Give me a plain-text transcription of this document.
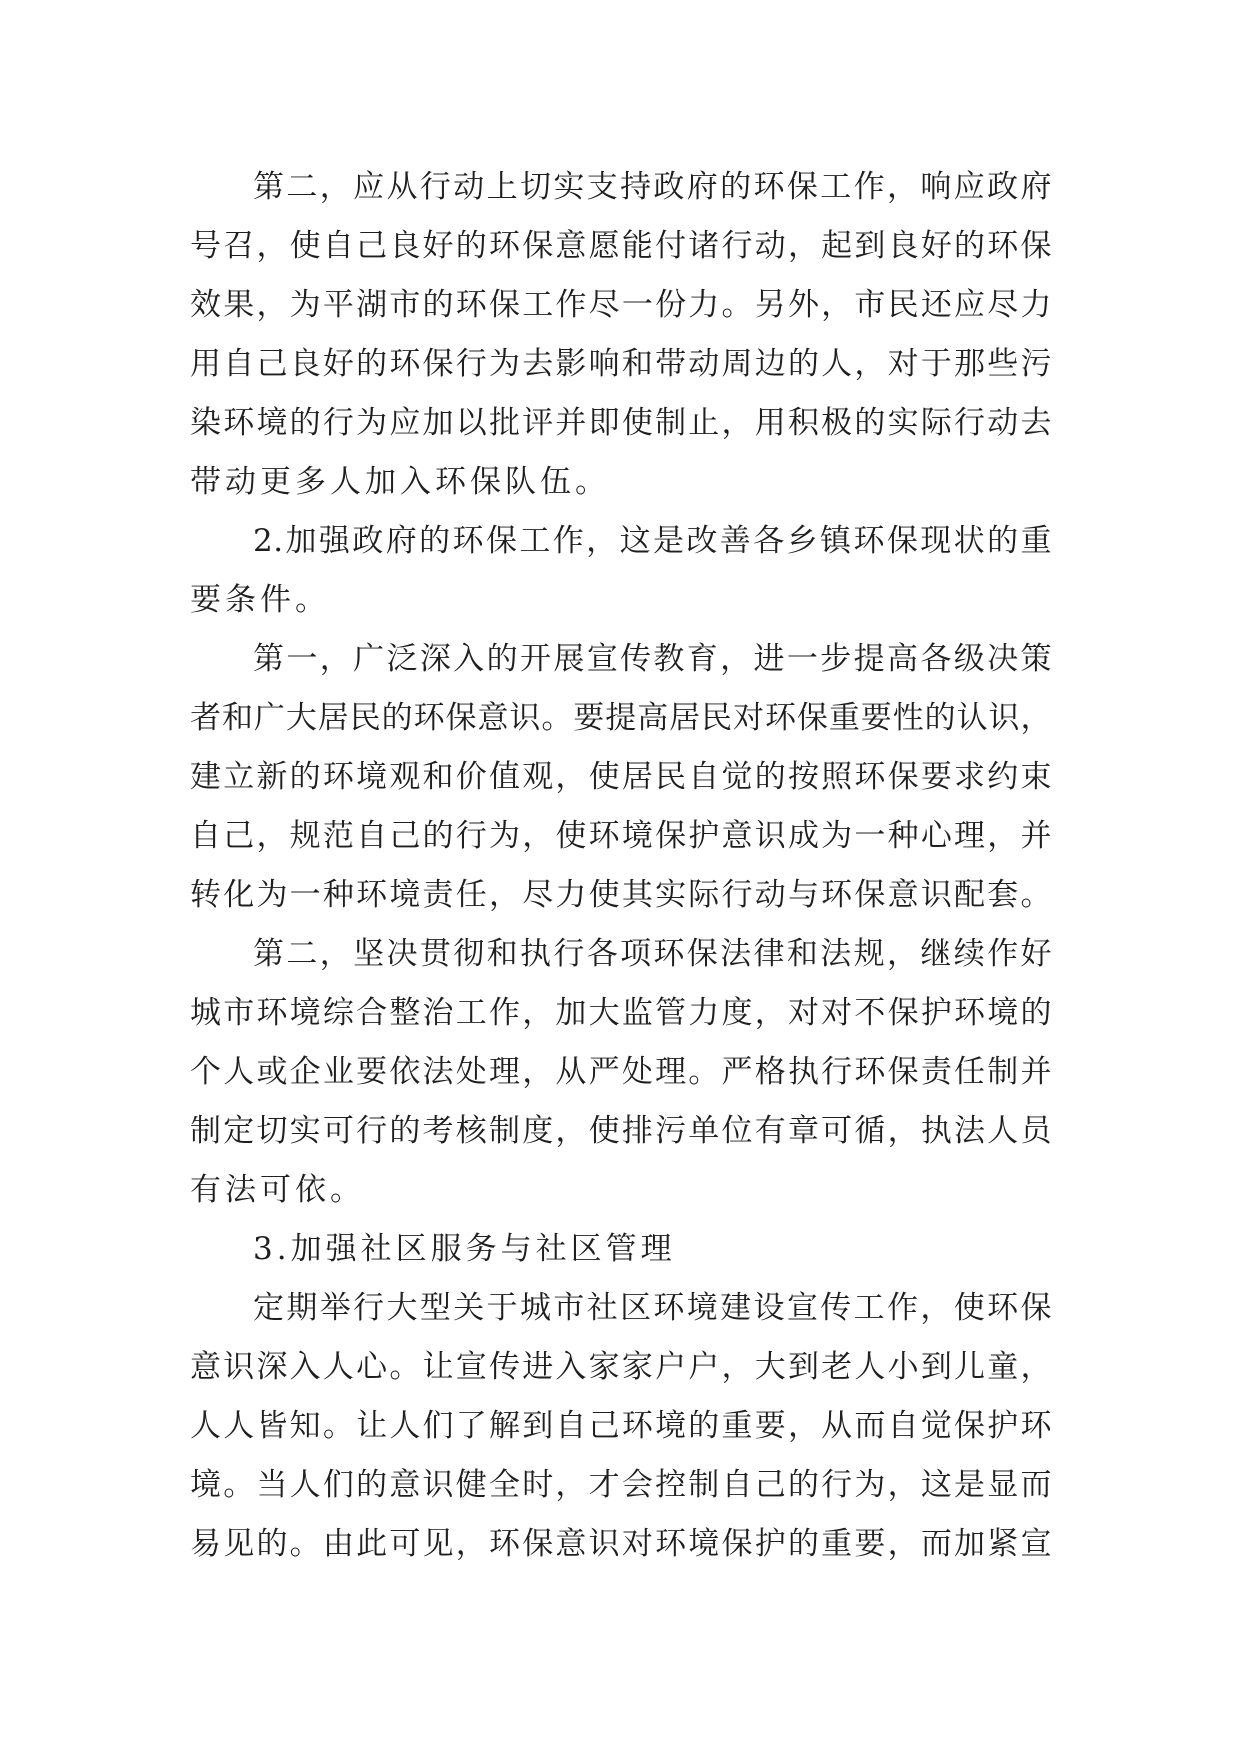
第二，应从行动上切实支持政府的环保工作，响应政府
号召，使自己良好的环保意愿能付诸行动，起到良好的环保
效果，为平湖市的环保工作尽一份力。另外，市民还应尽力
用自己良好的环保行为去影响和带动周边的人，对于那些污
染环境的行为应加以批评并即使制止，用积极的实际行动去
带动更多人加入环保队伍。
2.加强政府的环保工作，这是改善各乡镇环保现状的重
要条件。
第一，广泛深入的开展宣传教育，进一步提高各级决策
者和广大居民的环保意识。要提高居民对环保重要性的认识，
建立新的环境观和价值观，使居民自觉的按照环保要求约束
自己，规范自己的行为，使环境保护意识成为一种心理，并
转化为一种环境责任，尽力使其实际行动与环保意识配套。
第二，坚决贯彻和执行各项环保法律和法规，继续作好
城市环境综合整治工作，加大监管力度，对对不保护环境的
个人或企业要依法处理，从严处理。严格执行环保责任制并
制定切实可行的考核制度，使排污单位有章可循，执法人员
有法可依。
3.加强社区服务与社区管理
定期举行大型关于城市社区环境建设宣传工作，使环保
意识深入人心。让宣传进入家家户户，大到老人小到儿童，
人人皆知。让人们了解到自己环境的重要，从而自觉保护环
境。当人们的意识健全时，才会控制自己的行为，这是显而
易见的。由此可见，环保意识对环境保护的重要，而加紧宣
